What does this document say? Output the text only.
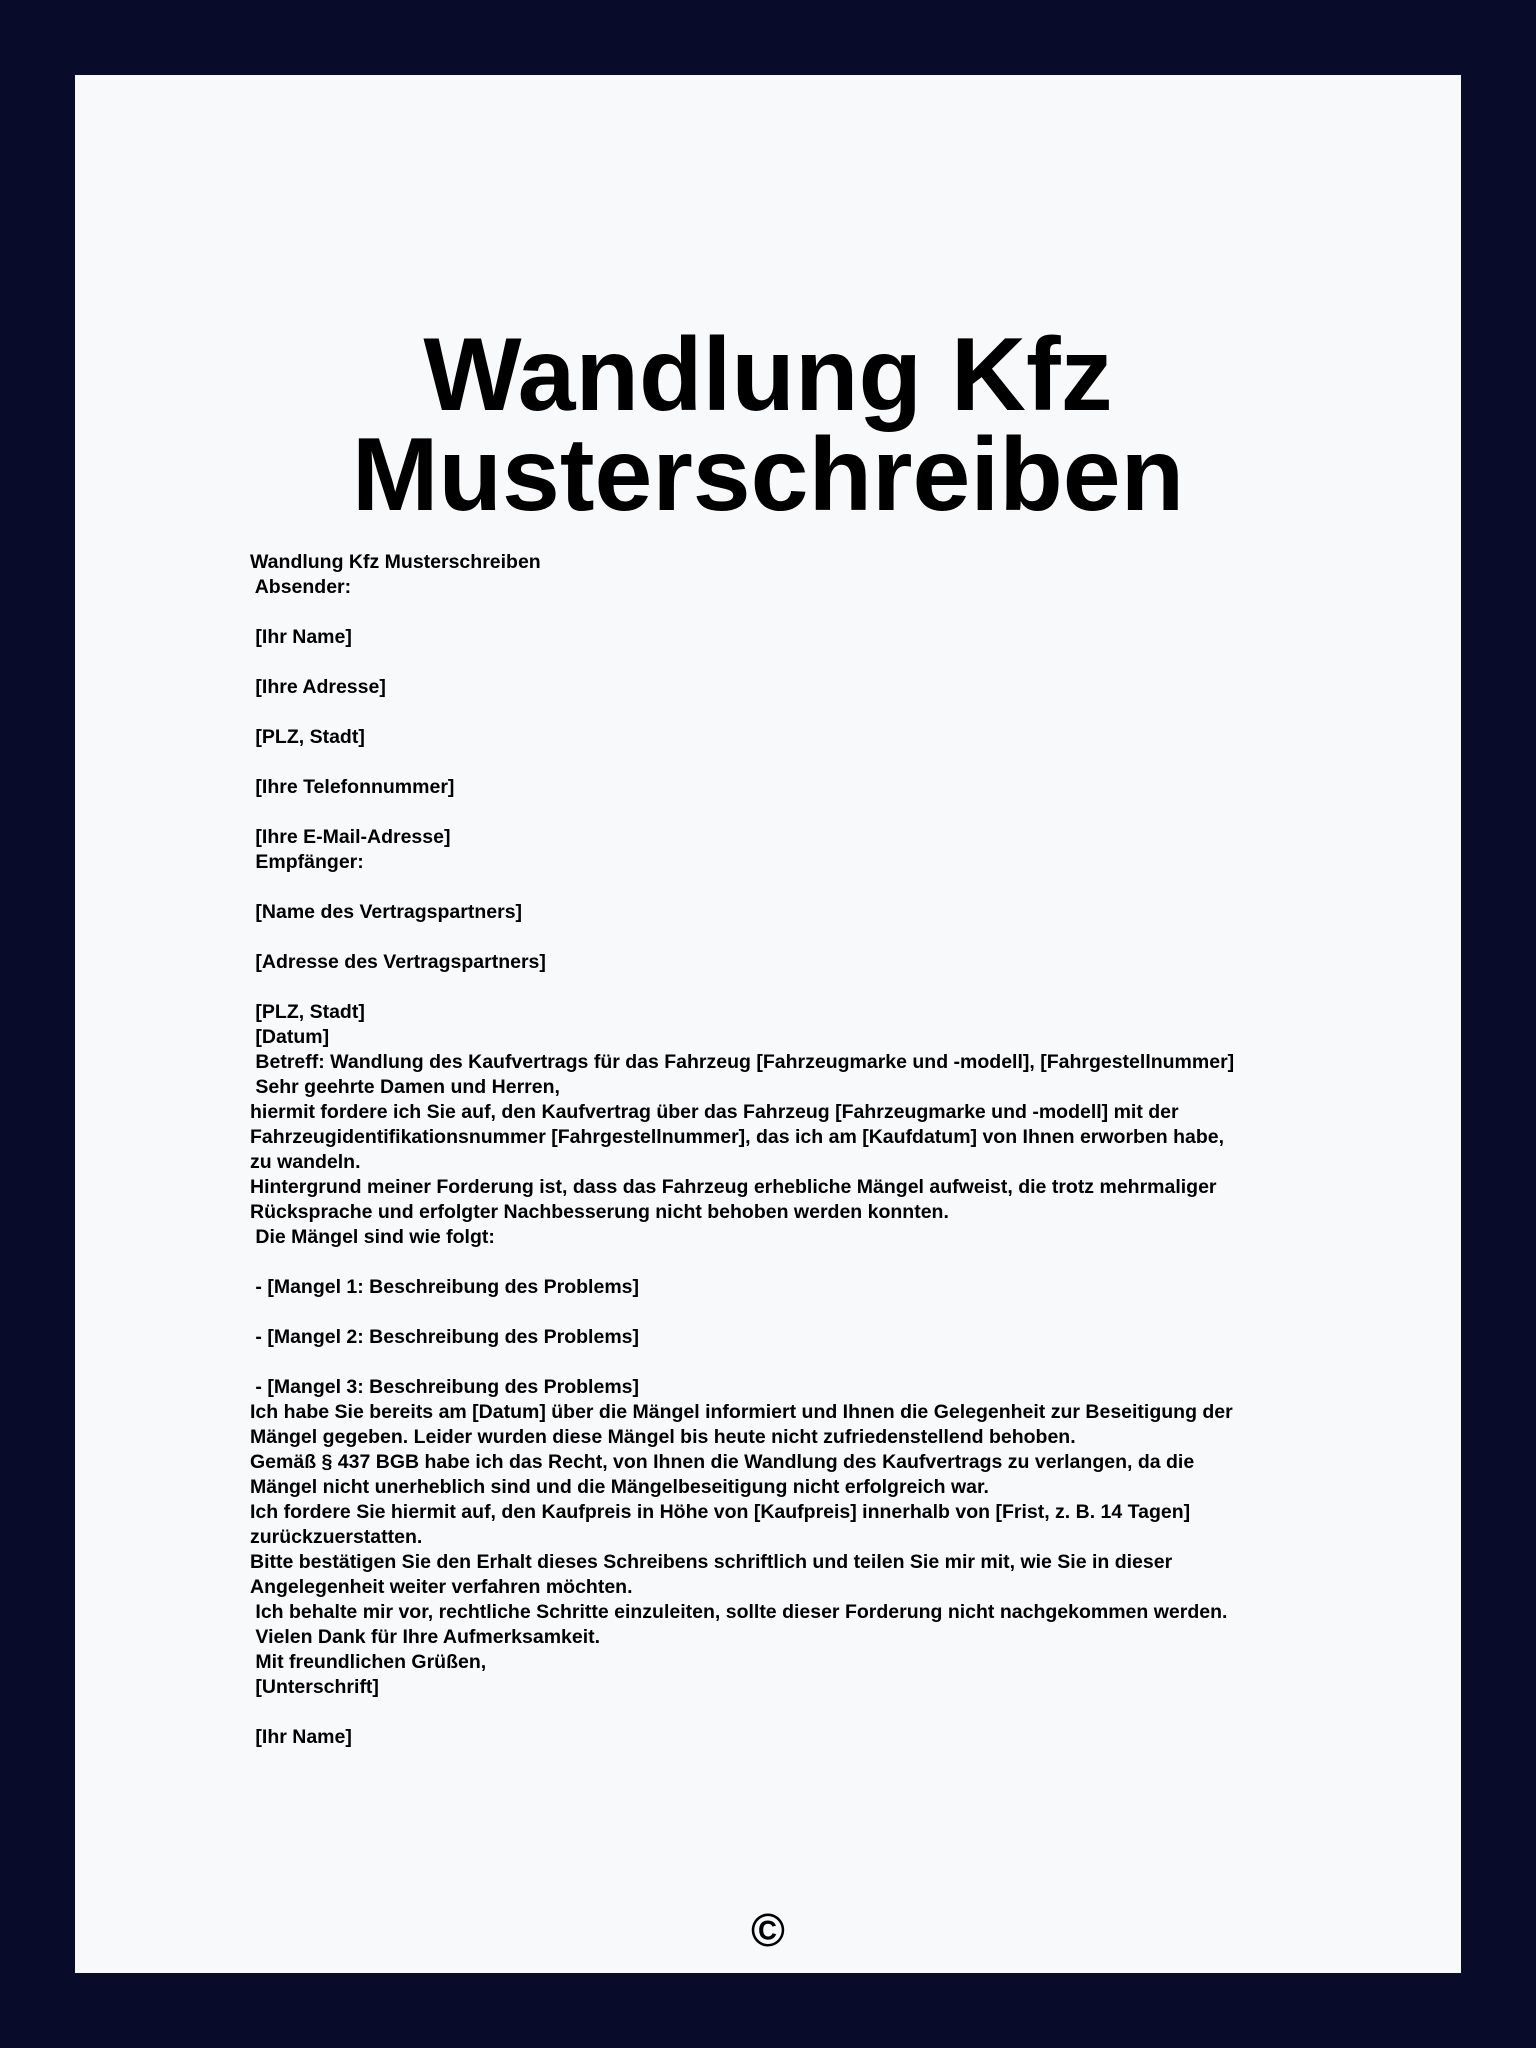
Wandlung Kfz
Musterschreiben
Wandlung Kfz Musterschreiben
Absender:
[Ihr Name]
[Ihre Adresse]
[PLZ, Stadt]
[Ihre Telefonnummer]
[Ihre E-Mail-Adresse]
Empfänger:
[Name des Vertragspartners]
[Adresse des Vertragspartners]
[PLZ, Stadt]
[Datum]
Betreff: Wandlung des Kaufvertrags für das Fahrzeug [Fahrzeugmarke und -modell], [Fahrgestellnummer]
Sehr geehrte Damen und Herren,
hiermit fordere ich Sie auf, den Kaufvertrag über das Fahrzeug [Fahrzeugmarke und -modell] mit der
Fahrzeugidentifikationsnummer [Fahrgestellnummer], das ich am [Kaufdatum] von Ihnen erworben habe,
zu wandeln.
Hintergrund meiner Forderung ist, dass das Fahrzeug erhebliche Mängel aufweist, die trotz mehrmaliger
Rücksprache und erfolgter Nachbesserung nicht behoben werden konnten.
Die Mängel sind wie folgt:
- [Mangel 1: Beschreibung des Problems]
- [Mangel 2: Beschreibung des Problems]
- [Mangel 3: Beschreibung des Problems]
Ich habe Sie bereits am [Datum] über die Mängel informiert und Ihnen die Gelegenheit zur Beseitigung der
Mängel gegeben. Leider wurden diese Mängel bis heute nicht zufriedenstellend behoben.
Gemäß § 437 BGB habe ich das Recht, von Ihnen die Wandlung des Kaufvertrags zu verlangen, da die
Mängel nicht unerheblich sind und die Mängelbeseitigung nicht erfolgreich war.
Ich fordere Sie hiermit auf, den Kaufpreis in Höhe von [Kaufpreis] innerhalb von [Frist, z. B. 14 Tagen]
zurückzuerstatten.
Bitte bestätigen Sie den Erhalt dieses Schreibens schriftlich und teilen Sie mir mit, wie Sie in dieser
Angelegenheit weiter verfahren möchten.
Ich behalte mir vor, rechtliche Schritte einzuleiten, sollte dieser Forderung nicht nachgekommen werden.
Vielen Dank für Ihre Aufmerksamkeit.
Mit freundlichen Grüßen,
[Unterschrift]
[Ihr Name]
©
